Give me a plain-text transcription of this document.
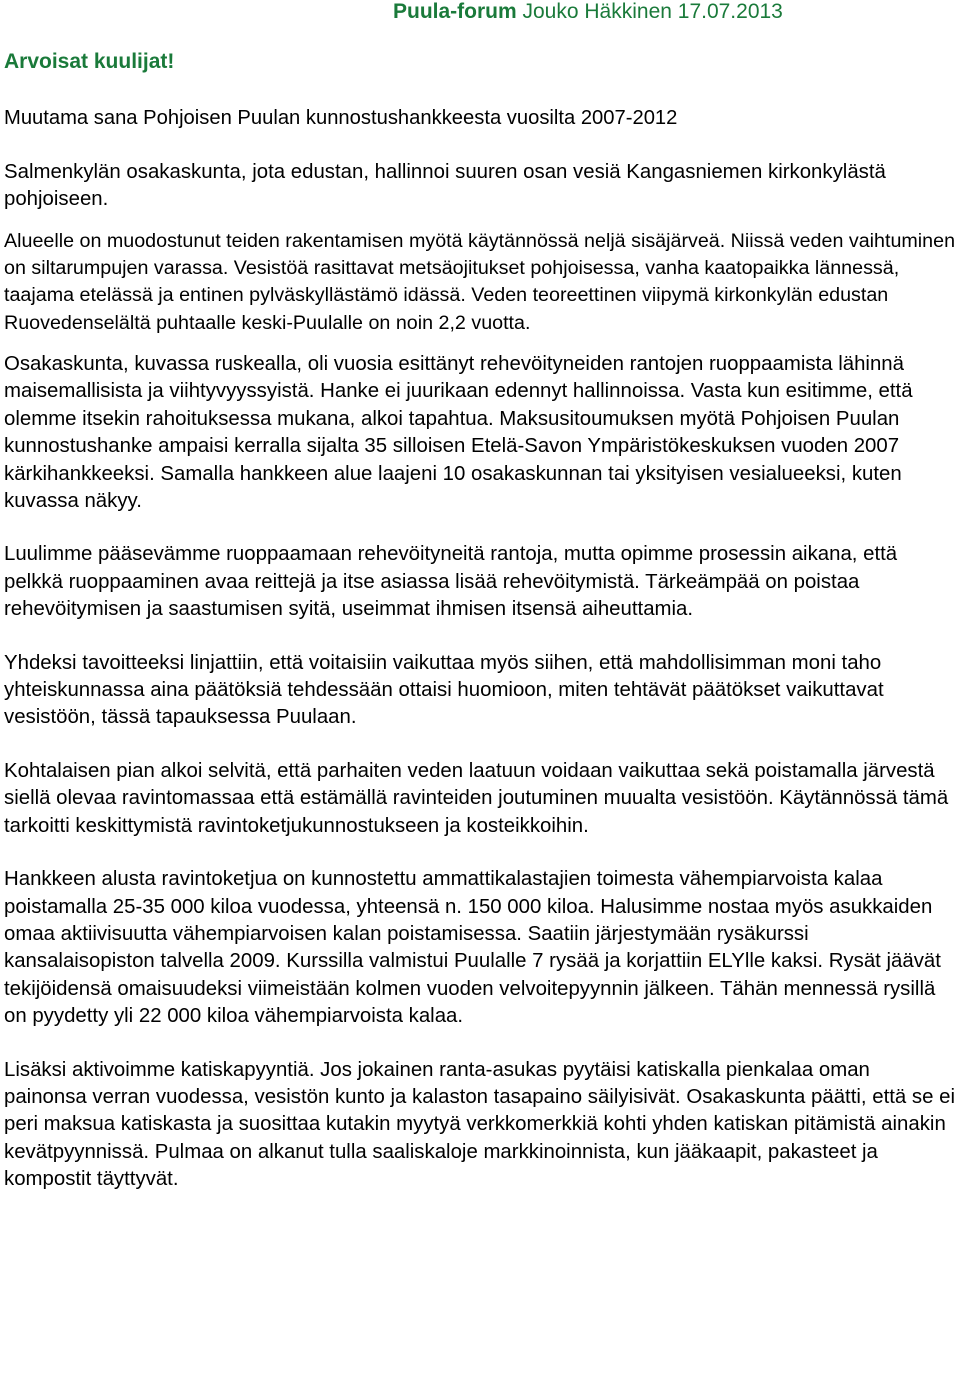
Puula-forum Jouko Häkkinen 17.07.2013
Arvoisat kuulijat!

Muutama sana Pohjoisen Puulan kunnostushankkeesta vuosilta 2007-2012

Salmenkylän osakaskunta, jota edustan, hallinnoi suuren osan vesiä Kangasniemen kirkonkylästä pohjoiseen.

Alueelle on muodostunut teiden rakentamisen myötä käytännössä neljä sisäjärveä. Niissä veden vaihtuminen on siltarumpujen varassa. Vesistöä rasittavat metsäojitukset pohjoisessa, vanha kaatopaikka lännessä, taajama etelässä ja entinen pylväskyllästämö idässä. Veden teoreettinen viipymä kirkonkylän edustan Ruovedenselältä puhtaalle keski-Puulalle on noin 2,2 vuotta.

Osakaskunta, kuvassa ruskealla, oli vuosia esittänyt rehevöityneiden rantojen ruoppaamista lähinnä maisemallisista ja viihtyvyyssyistä. Hanke ei juurikaan edennyt hallinnoissa. Vasta kun esitimme, että olemme itsekin rahoituksessa mukana, alkoi tapahtua. Maksusitoumuksen myötä Pohjoisen Puulan kunnostushanke ampaisi kerralla sijalta 35 silloisen Etelä-Savon Ympäristökeskuksen vuoden 2007 kärkihankkeeksi. Samalla hankkeen alue laajeni 10 osakaskunnan tai yksityisen vesialueeksi, kuten kuvassa näkyy.

Luulimme pääsevämme ruoppaamaan rehevöityneitä rantoja, mutta opimme prosessin aikana, että pelkkä ruoppaaminen avaa reittejä ja itse asiassa lisää rehevöitymistä. Tärkeämpää on poistaa rehevöitymisen ja saastumisen syitä, useimmat ihmisen itsensä aiheuttamia.

Yhdeksi tavoitteeksi linjattiin, että voitaisiin vaikuttaa myös siihen, että mahdollisimman moni taho yhteiskunnassa aina päätöksiä tehdessään ottaisi huomioon, miten tehtävät päätökset vaikuttavat vesistöön, tässä tapauksessa Puulaan.

Kohtalaisen pian alkoi selvitä, että parhaiten veden laatuun voidaan vaikuttaa sekä poistamalla järvestä siellä olevaa ravintomassaa että estämällä ravinteiden joutuminen muualta vesistöön. Käytännössä tämä tarkoitti keskittymistä ravintoketjukunnostukseen ja kosteikkoihin.

Hankkeen alusta ravintoketjua on kunnostettu ammattikalastajien toimesta vähempiarvoista kalaa poistamalla 25-35 000 kiloa vuodessa, yhteensä n. 150 000 kiloa. Halusimme nostaa myös asukkaiden omaa aktiivisuutta vähempiarvoisen kalan poistamisessa. Saatiin järjestymään rysäkurssi kansalaisopiston talvella 2009. Kurssilla valmistui Puulalle 7 rysää ja korjattiin ELYlle kaksi. Rysät jäävät tekijöidensä omaisuudeksi viimeistään kolmen vuoden velvoitepyynnin jälkeen. Tähän mennessä rysillä on pyydetty yli 22 000 kiloa vähempiarvoista kalaa.

Lisäksi aktivoimme katiskapyyntiä. Jos jokainen ranta-asukas pyytäisi katiskalla pienkalaa oman painonsa verran vuodessa, vesistön kunto ja kalaston tasapaino säilyisivät. Osakaskunta päätti, että se ei peri maksua katiskasta ja suosittaa kutakin myytyä verkkomerkkiä kohti yhden katiskan pitämistä ainakin kevätpyynnissä. Pulmaa on alkanut tulla saaliskaloje markkinoinnista, kun jääkaapit, pakasteet ja kompostit täyttyvät.
